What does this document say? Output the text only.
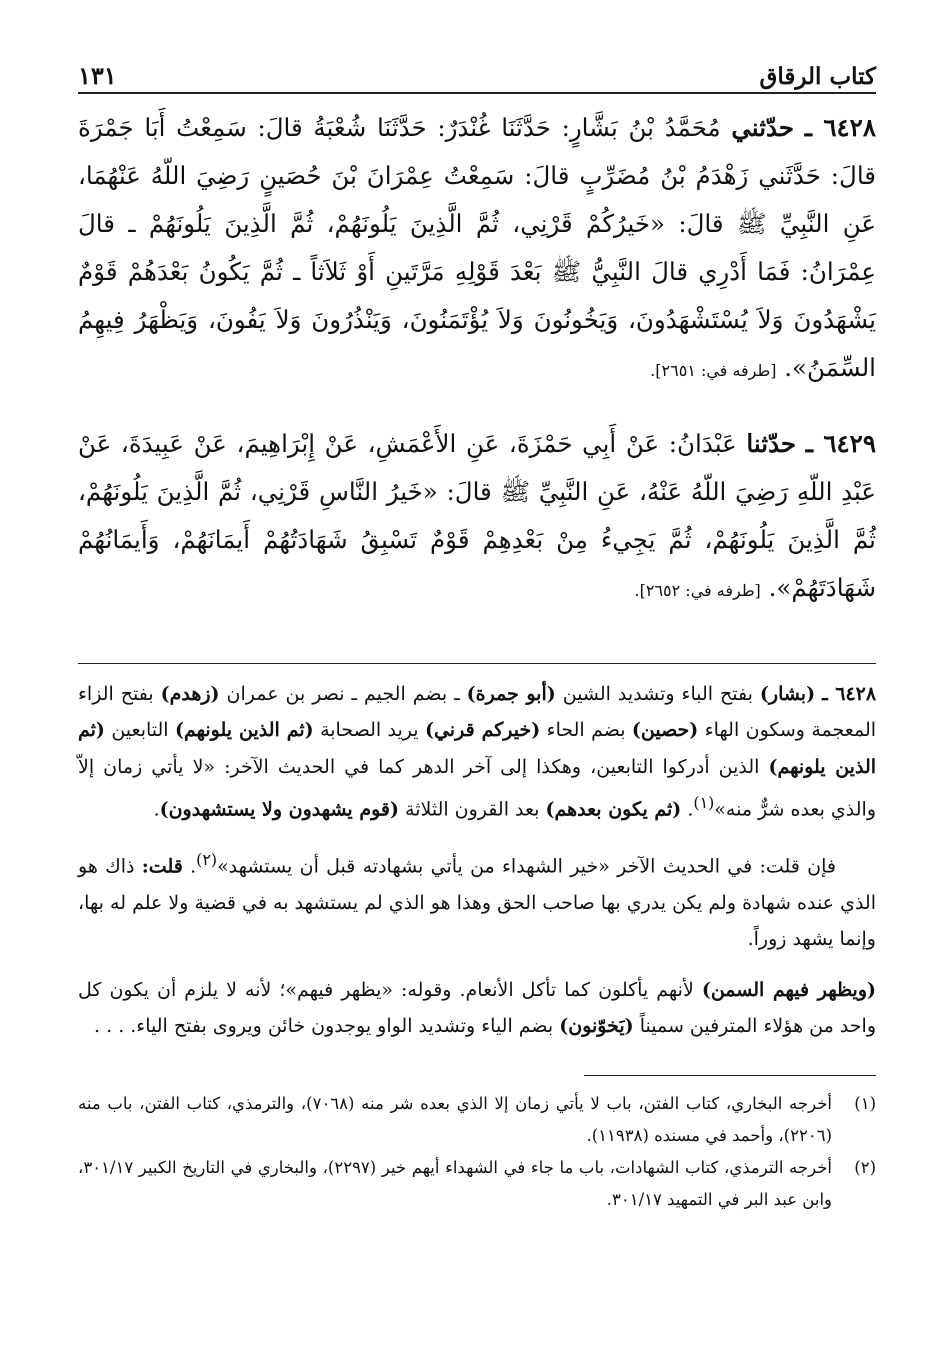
كتاب الرقاق
١٣١

٦٤٢٨ ـ حدّثني مُحَمَّدُ بْنُ بَشَّارٍ: حَدَّثَنَا غُنْدَرٌ: حَدَّثَنَا شُعْبَةُ قالَ: سَمِعْتُ أَبَا جَمْرَةَ قالَ: حَدَّثَني زَهْدَمُ بْنُ مُضَرِّبٍ قالَ: سَمِعْتُ عِمْرَانَ بْنَ حُصَينٍ رَضِيَ اللّهُ عَنْهُمَا، عَنِ النَّبِيِّ ﷺ قالَ: «خَيرُكُمْ قَرْنِي، ثُمَّ الَّذِينَ يَلُونَهُمْ، ثُمَّ الَّذِينَ يَلُونَهُمْ ـ قالَ عِمْرَانُ: فَمَا أَدْرِي قالَ النَّبِيُّ ﷺ بَعْدَ قَوْلِهِ مَرَّتَينِ أَوْ ثَلاَثاً ـ ثُمَّ يَكُونُ بَعْدَهُمْ قَوْمٌ يَشْهَدُونَ وَلاَ يُسْتَشْهَدُونَ، وَيَخُونُونَ وَلاَ يُؤْتَمَنُونَ، وَيَنْذُرُونَ وَلاَ يَفُونَ، وَيَظْهَرُ فِيهِمُ السِّمَنُ». [طرفه في: ٢٦٥١].

٦٤٢٩ ـ حدّثنا عَبْدَانُ: عَنْ أَبِي حَمْزَةَ، عَنِ الأَعْمَشِ، عَنْ إِبْرَاهِيمَ، عَنْ عَبِيدَةَ، عَنْ عَبْدِ اللّهِ رَضِيَ اللّهُ عَنْهُ، عَنِ النَّبِيِّ ﷺ قالَ: «خَيرُ النَّاسِ قَرْنِي، ثُمَّ الَّذِينَ يَلُونَهُمْ، ثُمَّ الَّذِينَ يَلُونَهُمْ، ثُمَّ يَجِيءُ مِنْ بَعْدِهِمْ قَوْمٌ تَسْبِقُ شَهَادَتُهُمْ أَيمَانَهُمْ، وَأَيمَانُهُمْ شَهَادَتَهُمْ». [طرفه في: ٢٦٥٢].

٦٤٢٨ ـ (بشار) بفتح الباء وتشديد الشين (أبو جمرة) ـ بضم الجيم ـ نصر بن عمران (زهدم) بفتح الزاء المعجمة وسكون الهاء (حصين) بضم الحاء (خيركم قرني) يريد الصحابة (ثم الذين يلونهم) التابعين (ثم الذين يلونهم) الذين أدركوا التابعين، وهكذا إلى آخر الدهر كما في الحديث الآخر: «لا يأتي زمان إلاّ والذي بعده شرٌّ منه»$^{(١)}$. (ثم يكون بعدهم) بعد القرون الثلاثة (قوم يشهدون ولا يستشهدون).

فإن قلت: في الحديث الآخر «خير الشهداء من يأتي بشهادته قبل أن يستشهد»$^{(٢)}$. قلت: ذاك هو الذي عنده شهادة ولم يكن يدري بها صاحب الحق وهذا هو الذي لم يستشهد به في قضية ولا علم له بها، وإنما يشهد زوراً.

(ويظهر فيهم السمن) لأنهم يأكلون كما تأكل الأنعام. وقوله: «يظهر فيهم»؛ لأنه لا يلزم أن يكون كل واحد من هؤلاء المترفين سميناً (يَخوّنون) بضم الياء وتشديد الواو يوجدون خائن ويروى بفتح الياء. . . .

(١)
أخرجه البخاري، كتاب الفتن، باب لا يأتي زمان إلا الذي بعده شر منه (٧٠٦٨)، والترمذي، كتاب الفتن، باب منه (٢٢٠٦)، وأحمد في مسنده (١١٩٣٨).
(٢)
أخرجه الترمذي، كتاب الشهادات، باب ما جاء في الشهداء أيهم خير (٢٢٩٧)، والبخاري في التاريخ الكبير ٣٠١/١٧، وابن عبد البر في التمهيد ٣٠١/١٧.
